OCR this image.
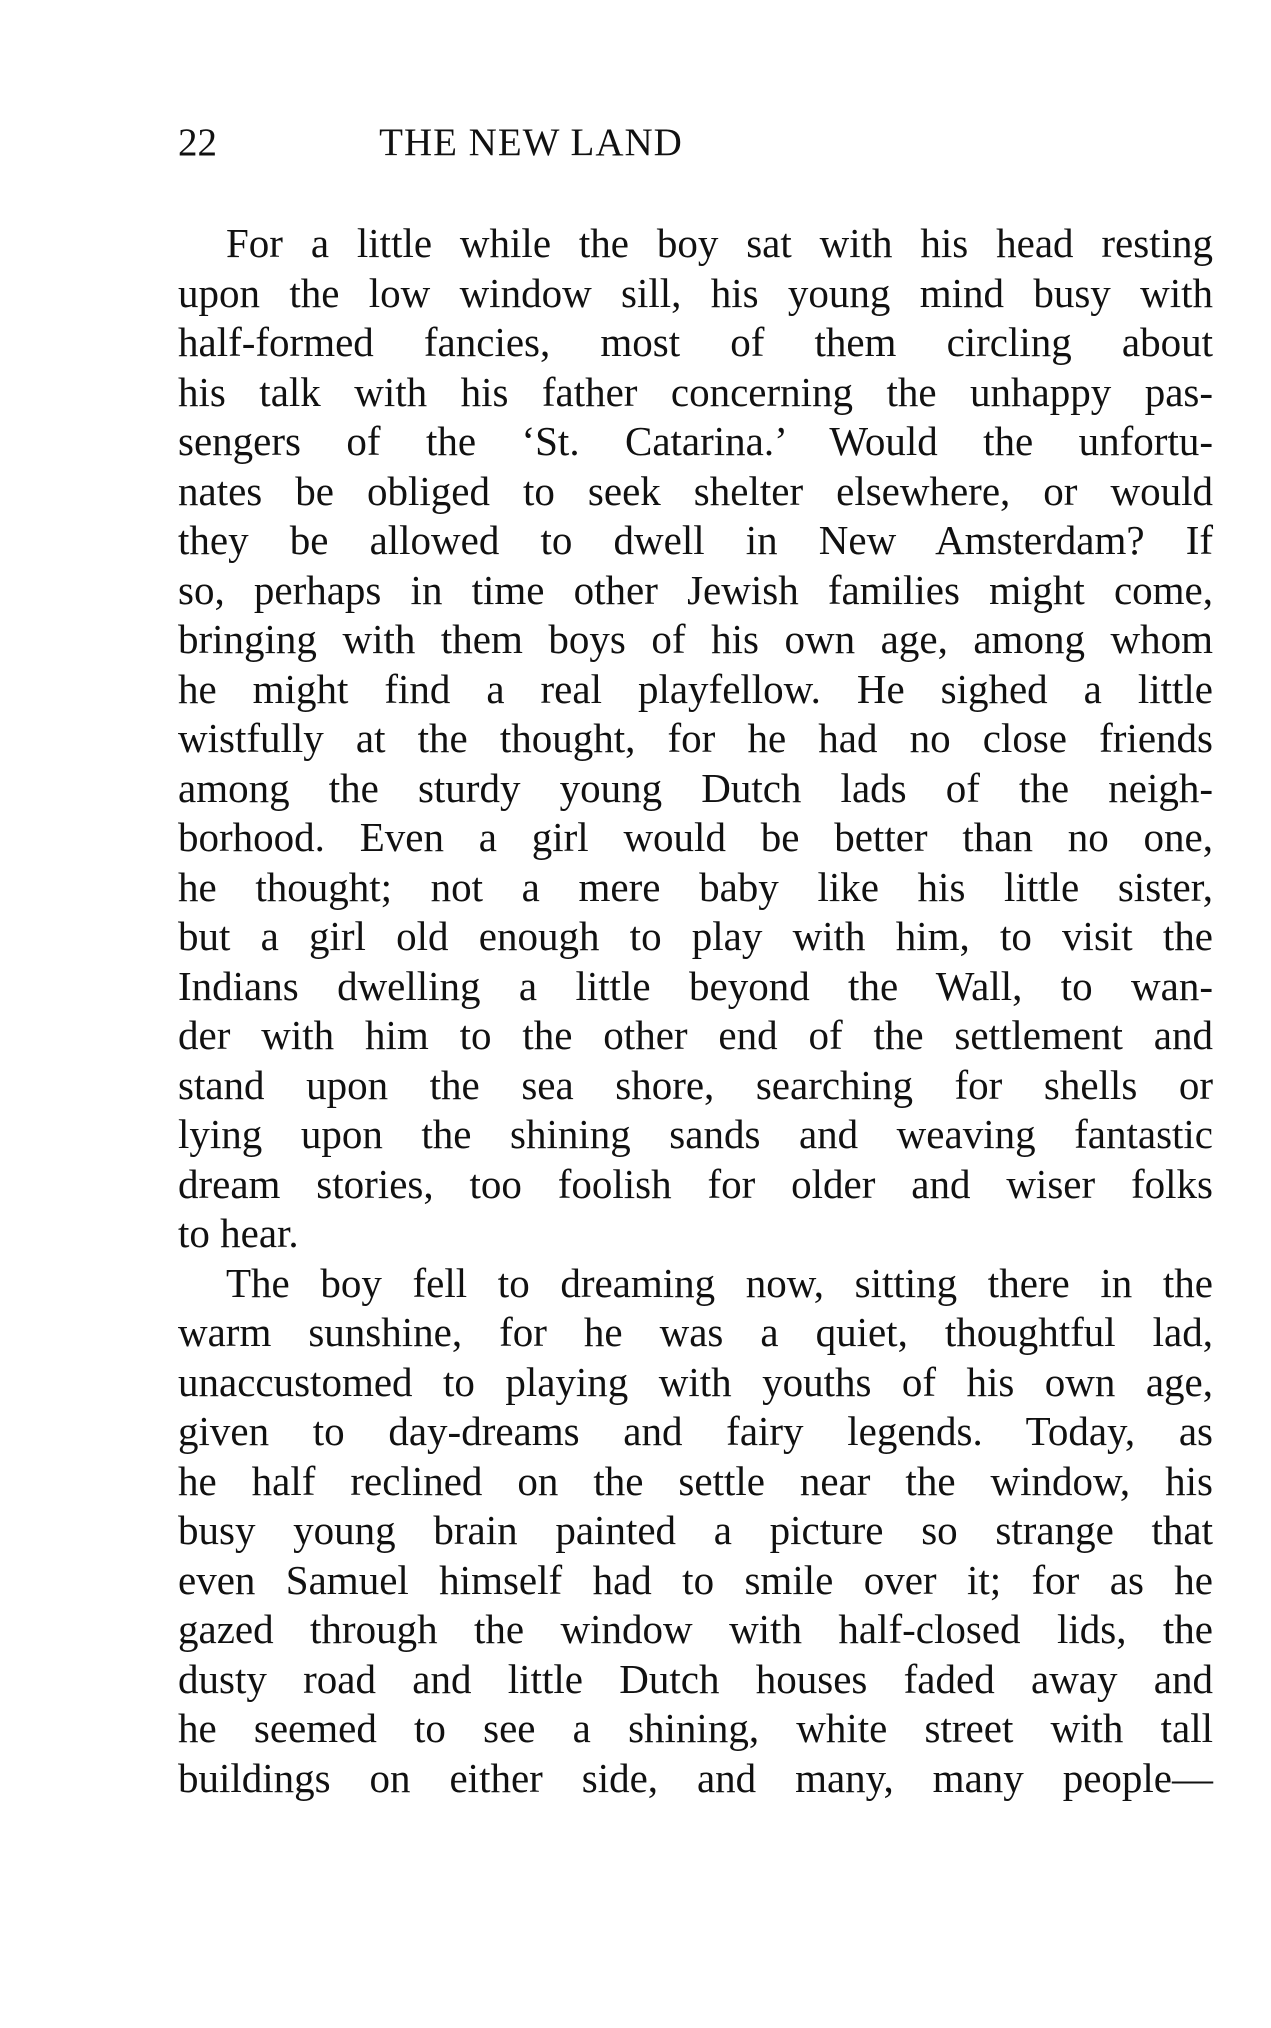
22	THE NEW LAND
For a little while the boy sat with his head resting
upon the low window sill, his young mind busy with
half-formed fancies, most of them circling about
his talk with his father concerning the unhappy pas-
sengers of the ‘St. Catarina.’ Would the unfortu-
nates be obliged to seek shelter elsewhere, or would
they be allowed to dwell in New Amsterdam? If
so, perhaps in time other Jewish families might come,
bringing with them boys of his own age, among whom
he might find a real playfellow. He sighed a little
wistfully at the thought, for he had no close friends
among the sturdy young Dutch lads of the neigh-
borhood. Even a girl would be better than no one,
he thought; not a mere baby like his little sister,
but a girl old enough to play with him, to visit the
Indians dwelling a little beyond the Wall, to wan-
der with him to the other end of the settlement and
stand upon the sea shore, searching for shells or
lying upon the shining sands and weaving fantastic
dream stories, too foolish for older and wiser folks
to hear.
The boy fell to dreaming now, sitting there in the
warm sunshine, for he was a quiet, thoughtful lad,
unaccustomed to playing with youths of his own age,
given to day-dreams and fairy legends. Today, as
he half reclined on the settle near the window, his
busy young brain painted a picture so strange that
even Samuel himself had to smile over it; for as he
gazed through the window with half-closed lids, the
dusty road and little Dutch houses faded away and
he seemed to see a shining, white street with tall
buildings on either side, and many, many people—
